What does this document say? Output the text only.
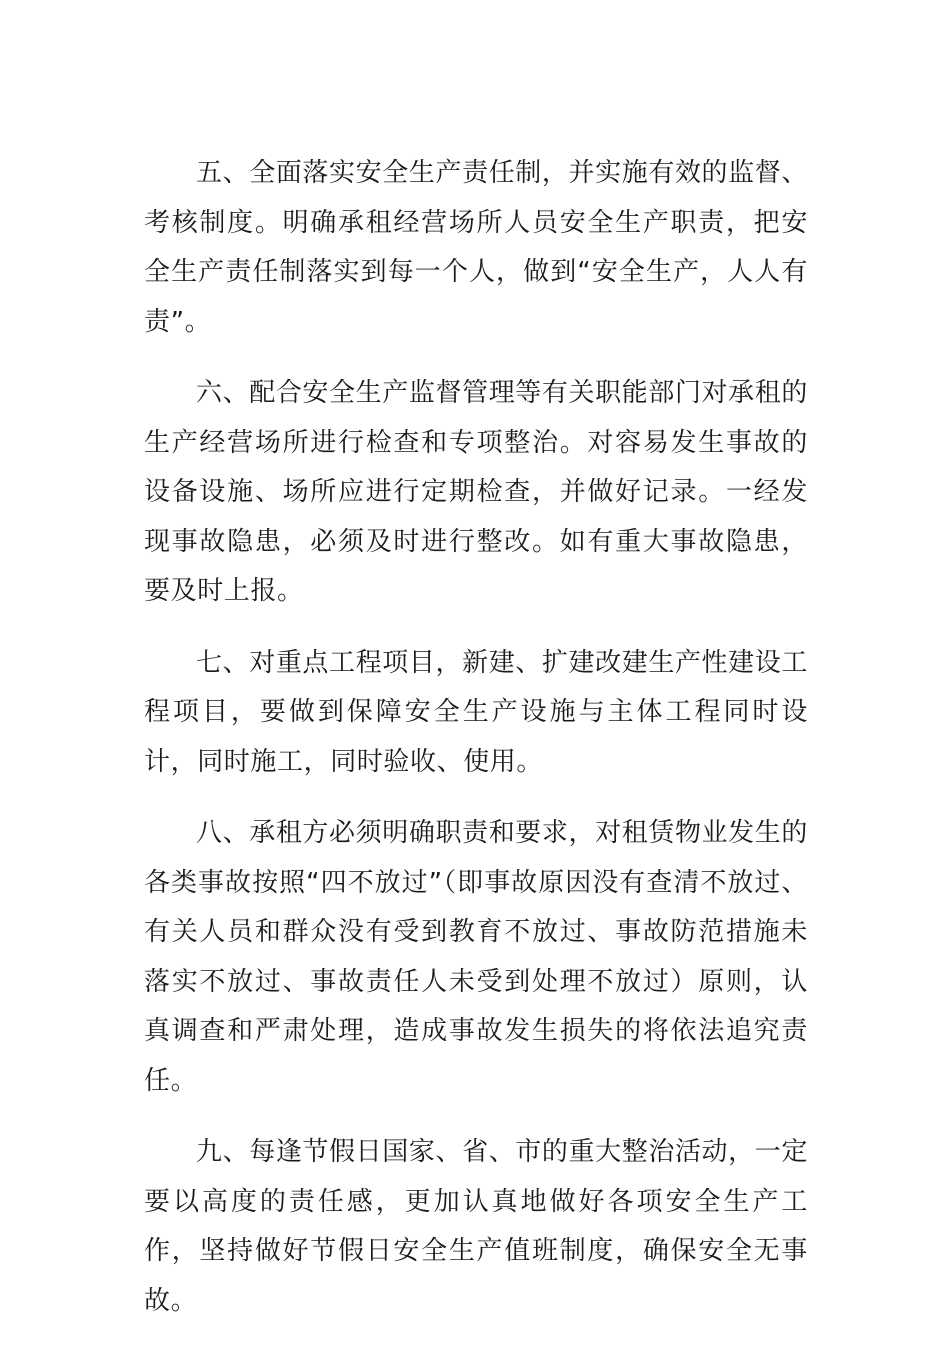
五、全面落实安全生产责任制，并实施有效的监督、考核制度。明确承租经营场所人员安全生产职责，把安全生产责任制落实到每一个人，做到“安全生产，人人有责”。

六、配合安全生产监督管理等有关职能部门对承租的生产经营场所进行检查和专项整治。对容易发生事故的设备设施、场所应进行定期检查，并做好记录。一经发现事故隐患，必须及时进行整改。如有重大事故隐患，要及时上报。

七、对重点工程项目，新建、扩建改建生产性建设工程项目，要做到保障安全生产设施与主体工程同时设计，同时施工，同时验收、使用。

八、承租方必须明确职责和要求，对租赁物业发生的各类事故按照“四不放过”（即事故原因没有查清不放过、有关人员和群众没有受到教育不放过、事故防范措施未落实不放过、事故责任人未受到处理不放过）原则，认真调查和严肃处理，造成事故发生损失的将依法追究责任。

九、每逢节假日国家、省、市的重大整治活动，一定要以高度的责任感，更加认真地做好各项安全生产工作，坚持做好节假日安全生产值班制度，确保安全无事故。
